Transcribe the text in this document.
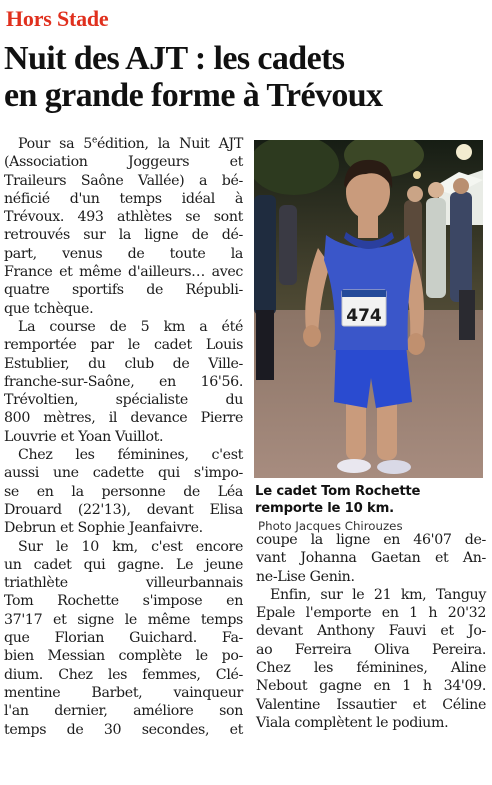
Hors Stade
Nuit des AJT : les cadets
en grande forme à Trévoux
Pour sa 5eédition, la Nuit AJT
(Association Joggeurs et
Traileurs Saône Vallée) a bé-
néficié d'un temps idéal à
Trévoux. 493 athlètes se sont
retrouvés sur la ligne de dé-
part, venus de toute la
France et même d'ailleurs… avec
quatre sportifs de Républi-
que tchèque.
La course de 5 km a été
remportée par le cadet Louis
Estublier, du club de Ville-
franche-sur-Saône, en 16'56.
Trévoltien, spécialiste du
800 mètres, il devance Pierre
Louvrie et Yoan Vuillot.
Chez les féminines, c'est
aussi une cadette qui s'impo-
se en la personne de Léa
Drouard (22'13), devant Elisa
Debrun et Sophie Jeanfaivre.
Sur le 10 km, c'est encore
un cadet qui gagne. Le jeune
triathlète villeurbannais
Tom Rochette s'impose en
37'17 et signe le même temps
que Florian Guichard. Fa-
bien Messian complète le po-
dium. Chez les femmes, Clé-
mentine Barbet, vainqueur
l'an dernier, améliore son
temps de 30 secondes, et
474
Le cadet Tom Rochette
remporte le 10 km.
Photo Jacques Chirouzes
coupe la ligne en 46'07 de-
vant Johanna Gaetan et An-
ne-Lise Genin.
Enfin, sur le 21 km, Tanguy
Epale l'emporte en 1 h 20'32
devant Anthony Fauvi et Jo-
ao Ferreira Oliva Pereira.
Chez les féminines, Aline
Nebout gagne en 1 h 34'09.
Valentine Issautier et Céline
Viala complètent le podium.
